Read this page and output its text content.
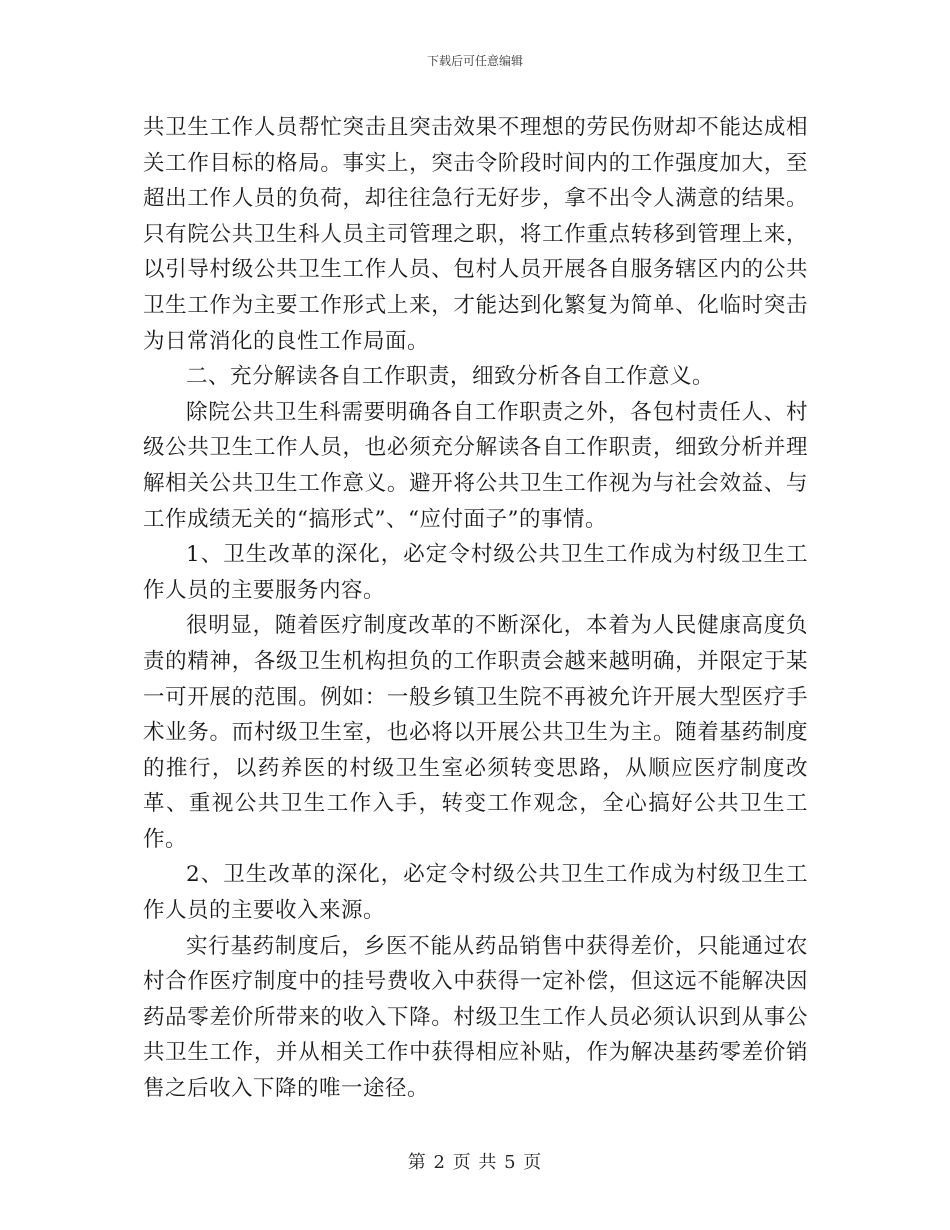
下载后可任意编辑

共卫生工作人员帮忙突击且突击效果不理想的劳民伤财却不能达成相关工作目标的格局。事实上，突击令阶段时间内的工作强度加大，至超出工作人员的负荷，却往往急行无好步，拿不出令人满意的结果。只有院公共卫生科人员主司管理之职，将工作重点转移到管理上来，以引导村级公共卫生工作人员、包村人员开展各自服务辖区内的公共卫生工作为主要工作形式上来，才能达到化繁复为简单、化临时突击为日常消化的良性工作局面。

二、充分解读各自工作职责，细致分析各自工作意义。

除院公共卫生科需要明确各自工作职责之外，各包村责任人、村级公共卫生工作人员，也必须充分解读各自工作职责，细致分析并理解相关公共卫生工作意义。避开将公共卫生工作视为与社会效益、与工作成绩无关的“搞形式”、“应付面子”的事情。

1、卫生改革的深化，必定令村级公共卫生工作成为村级卫生工作人员的主要服务内容。

很明显，随着医疗制度改革的不断深化，本着为人民健康高度负责的精神，各级卫生机构担负的工作职责会越来越明确，并限定于某一可开展的范围。例如：一般乡镇卫生院不再被允许开展大型医疗手术业务。而村级卫生室，也必将以开展公共卫生为主。随着基药制度的推行，以药养医的村级卫生室必须转变思路，从顺应医疗制度改革、重视公共卫生工作入手，转变工作观念，全心搞好公共卫生工作。

2、卫生改革的深化，必定令村级公共卫生工作成为村级卫生工作人员的主要收入来源。

实行基药制度后，乡医不能从药品销售中获得差价，只能通过农村合作医疗制度中的挂号费收入中获得一定补偿，但这远不能解决因药品零差价所带来的收入下降。村级卫生工作人员必须认识到从事公共卫生工作，并从相关工作中获得相应补贴，作为解决基药零差价销售之后收入下降的唯一途径。

第 2 页 共 5 页
